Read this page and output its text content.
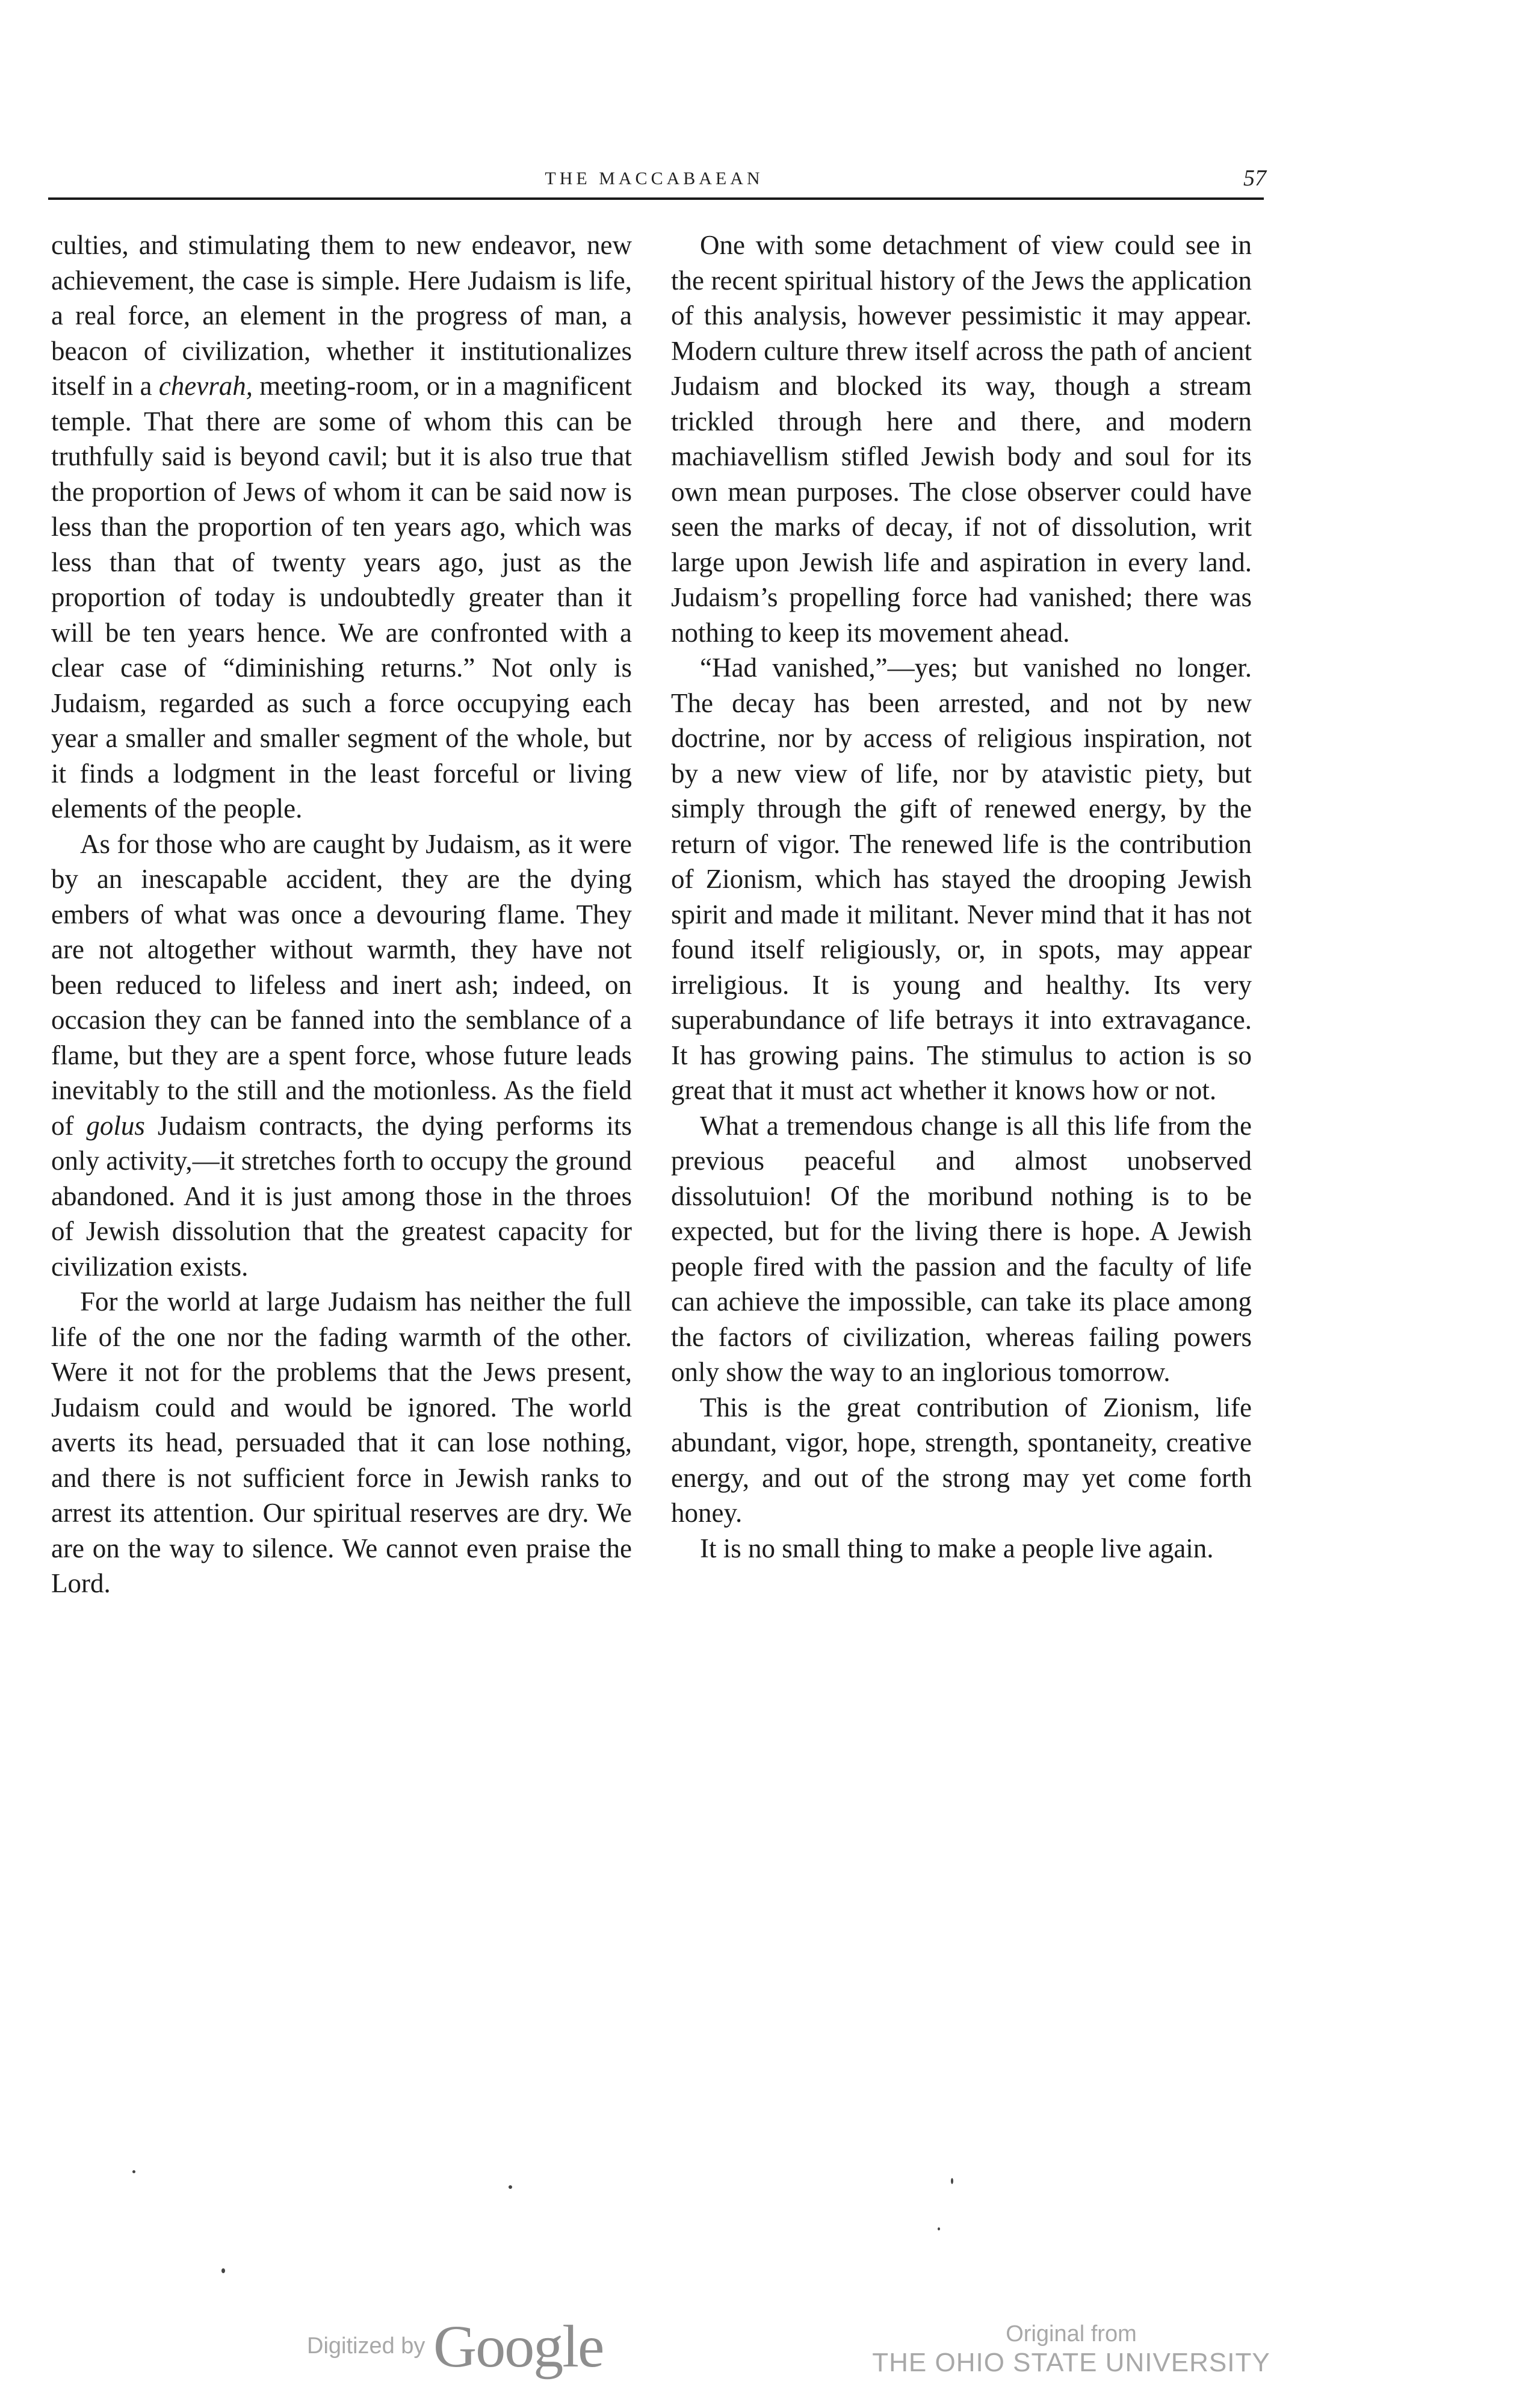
THE MACCABAEAN	57

culties, and stimulating them to new endeavor, new achievement, the case is simple. Here Judaism is life, a real force, an element in the progress of man, a beacon of civilization, whether it institutionalizes itself in a chevrah, meeting-room, or in a magnificent temple. That there are some of whom this can be truthfully said is beyond cavil; but it is also true that the proportion of Jews of whom it can be said now is less than the proportion of ten years ago, which was less than that of twenty years ago, just as the proportion of today is undoubtedly greater than it will be ten years hence. We are confronted with a clear case of “diminishing returns.” Not only is Judaism, regarded as such a force occupying each year a smaller and smaller segment of the whole, but it finds a lodgment in the least forceful or living elements of the people.

As for those who are caught by Judaism, as it were by an inescapable accident, they are the dying embers of what was once a devouring flame. They are not altogether without warmth, they have not been reduced to lifeless and inert ash; indeed, on occasion they can be fanned into the semblance of a flame, but they are a spent force, whose future leads inevitably to the still and the motionless. As the field of golus Judaism contracts, the dying performs its only activity,—it stretches forth to occupy the ground abandoned. And it is just among those in the throes of Jewish dissolution that the greatest capacity for civilization exists.

For the world at large Judaism has neither the full life of the one nor the fading warmth of the other. Were it not for the problems that the Jews present, Judaism could and would be ignored. The world averts its head, persuaded that it can lose nothing, and there is not sufficient force in Jewish ranks to arrest its attention. Our spiritual reserves are dry. We are on the way to silence. We cannot even praise the Lord.

One with some detachment of view could see in the recent spiritual history of the Jews the application of this analysis, however pessimistic it may appear. Modern culture threw itself across the path of ancient Judaism and blocked its way, though a stream trickled through here and there, and modern machiavellism stifled Jewish body and soul for its own mean purposes. The close observer could have seen the marks of decay, if not of dissolution, writ large upon Jewish life and aspiration in every land. Judaism’s propelling force had vanished; there was nothing to keep its movement ahead.

“Had vanished,”—yes; but vanished no longer. The decay has been arrested, and not by new doctrine, nor by access of religious inspiration, not by a new view of life, nor by atavistic piety, but simply through the gift of renewed energy, by the return of vigor. The renewed life is the contribution of Zionism, which has stayed the drooping Jewish spirit and made it militant. Never mind that it has not found itself religiously, or, in spots, may appear irreligious. It is young and healthy. Its very superabundance of life betrays it into extravagance. It has growing pains. The stimulus to action is so great that it must act whether it knows how or not.

What a tremendous change is all this life from the previous peaceful and almost unobserved dissolutuion! Of the moribund nothing is to be expected, but for the living there is hope. A Jewish people fired with the passion and the faculty of life can achieve the impossible, can take its place among the factors of civilization, whereas failing powers only show the way to an inglorious tomorrow.

This is the great contribution of Zionism, life abundant, vigor, hope, strength, spontaneity, creative energy, and out of the strong may yet come forth honey.

It is no small thing to make a people live again.

Digitized by Google	Original from
THE OHIO STATE UNIVERSITY
